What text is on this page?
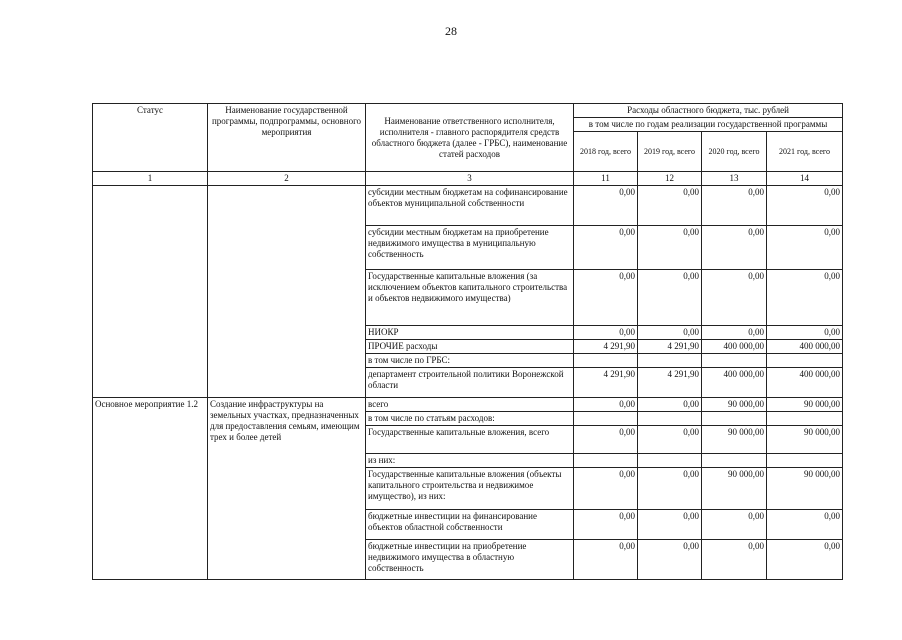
28
Статус	Наименование государственной программы, подпрограммы, основного мероприятия	Наименование ответственного исполнителя, исполнителя - главного распорядителя средств областного бюджета (далее - ГРБС), наименование статей расходов	Расходы областного бюджета, тыс. рублей			
			в том числе по годам реализации государственной программы			
			2018 год, всего	2019 год, всего	2020 год, всего	2021 год, всего
1	2	3	11	12	13	14
		субсидии местным бюджетам на софинансирование объектов муниципальной собственности	0,00	0,00	0,00	0,00
		субсидии местным бюджетам на приобретение недвижимого имущества в муниципальную собственность	0,00	0,00	0,00	0,00
		Государственные капитальные вложения (за исключением объектов капитального строительства и объектов недвижимого имущества)	0,00	0,00	0,00	0,00
		НИОКР	0,00	0,00	0,00	0,00
		ПРОЧИЕ расходы	4 291,90	4 291,90	400 000,00	400 000,00
		в том числе по ГРБС:				
		департамент строительной политики Воронежской области	4 291,90	4 291,90	400 000,00	400 000,00
Основное мероприятие 1.2	Создание инфраструктуры на земельных участках, предназначенных для предоставления семьям, имеющим трех и более детей	всего	0,00	0,00	90 000,00	90 000,00
		в том числе по статьям расходов:				
		Государственные капитальные вложения, всего	0,00	0,00	90 000,00	90 000,00
		из них:				
		Государственные капитальные вложения (объекты капитального строительства и недвижимое имущество), из них:	0,00	0,00	90 000,00	90 000,00
		бюджетные инвестиции на финансирование объектов областной собственности	0,00	0,00	0,00	0,00
		бюджетные инвестиции на приобретение недвижимого имущества в областную собственность	0,00	0,00	0,00	0,00
